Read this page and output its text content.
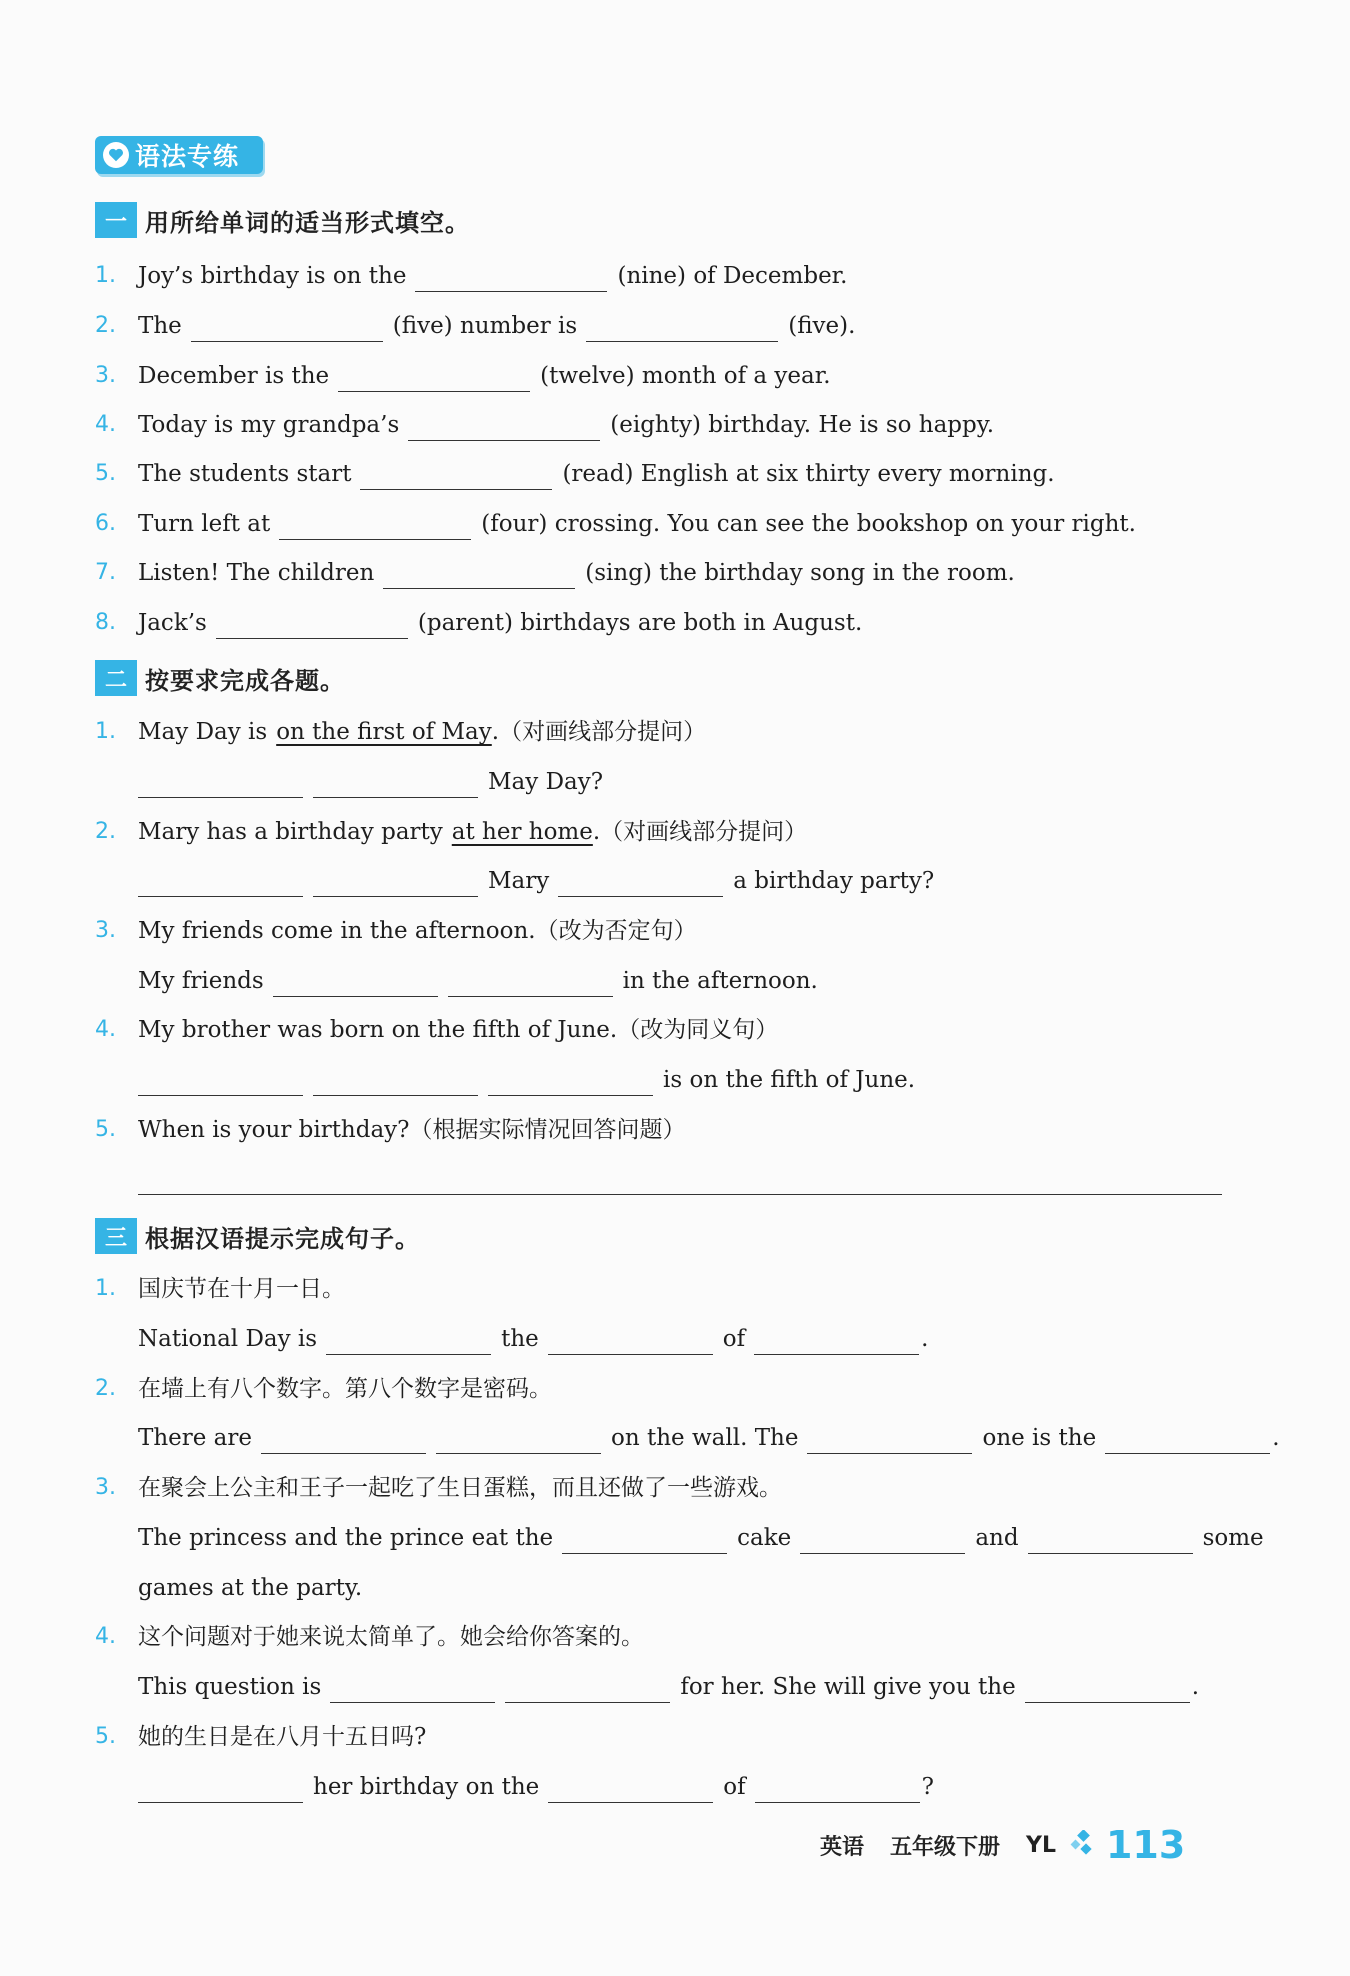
语法专练
一 用所给单词的适当形式填空。
1. Joy’s birthday is on the	(nine) of December.
2. The	(five) number is	(five).
3. December is the	(twelve) month of a year.
4. Today is my grandpa’s	(eighty) birthday. He is so happy.
5. The students start	(read) English at six thirty every morning.
6. Turn left at	(four) crossing. You can see the bookshop on your right.
7. Listen! The children	(sing) the birthday song in the room.
8. Jack’s	(parent) birthdays are both in August.
二 按要求完成各题。
1. May Day is on the first of May .（对画线部分提问）
May Day?
2. Mary has a birthday party at her home .（对画线部分提问）
Mary	a birthday party?
3. My friends come in the afternoon.（改为否定句）
My friends	in the afternoon.
4. My brother was born on the fifth of June.（改为同义句）
is on the fifth of June.
5. When is your birthday?（根据实际情况回答问题）
三 根据汉语提示完成句子。
1. 国庆节在十月一日。
National Day is	the	of	.
2. 在墙上有八个数字。第八个数字是密码。
There are	on the wall. The	one is the	.
3. 在聚会上公主和王子一起吃了生日蛋糕，而且还做了一些游戏。
The princess and the prince eat the	cake	and	some
games at the party.
4. 这个问题对于她来说太简单了。她会给你答案的。
This question is	for her. She will give you the	.
5. 她的生日是在八月十五日吗?
her birthday on the	of	?
英语 五年级下册 YL 113
